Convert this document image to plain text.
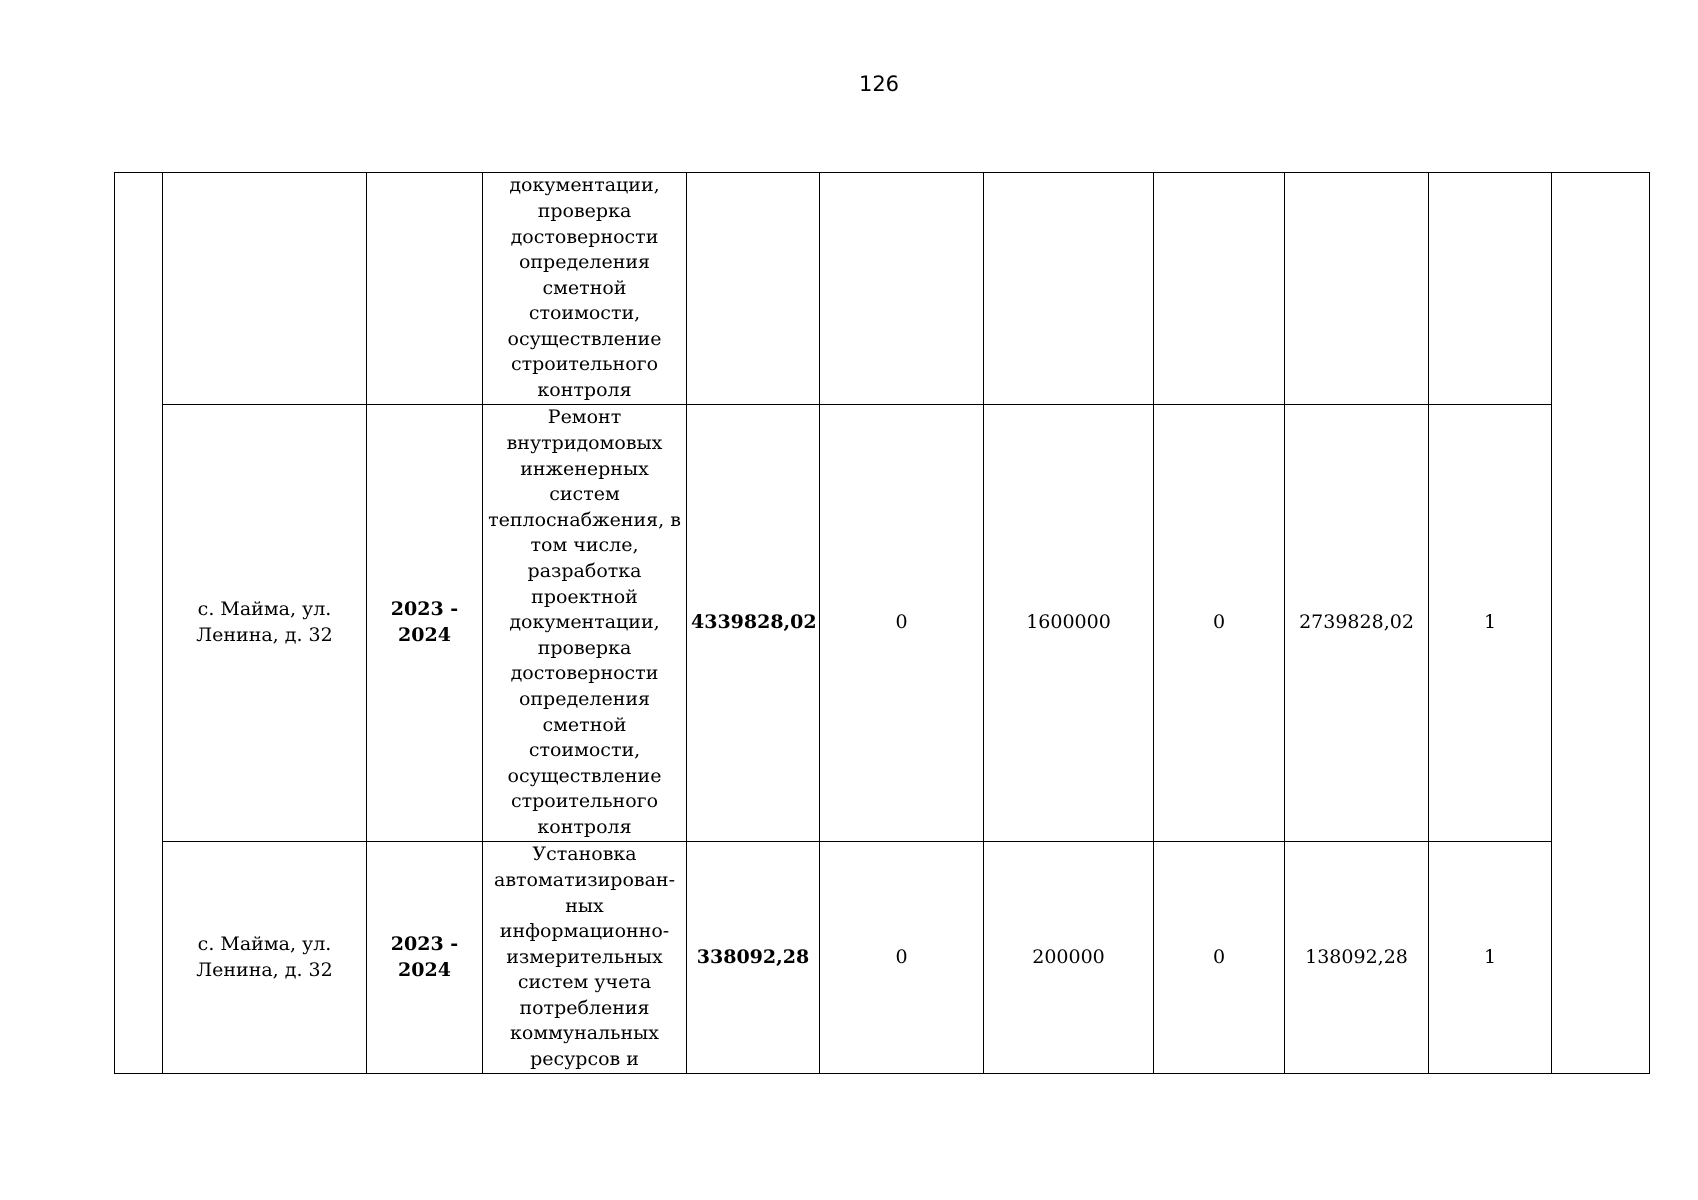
126
			документации, проверка достоверности определения сметной стоимости, осуществление строительного контроля							
	с. Майма, ул. Ленина, д. 32	2023 - 2024	Ремонт внутридомовых инженерных систем теплоснабжения, в том числе, разработка проектной документации, проверка достоверности определения сметной стоимости, осуществление строительного контроля	4339828,02	0	1600000	0	2739828,02	1	
	с. Майма, ул. Ленина, д. 32	2023 - 2024	Установка автоматизирован- ных информационно- измерительных систем учета потребления коммунальных ресурсов и	338092,28	0	200000	0	138092,28	1	
